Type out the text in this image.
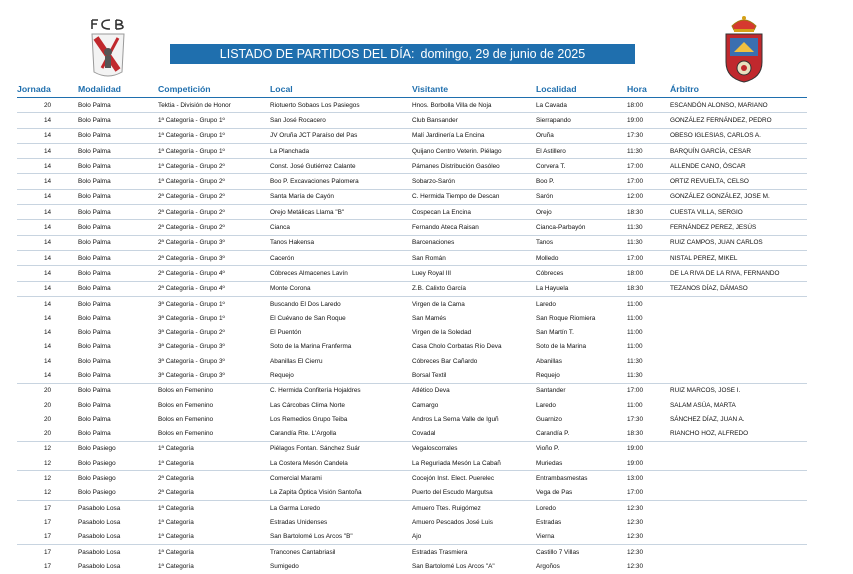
LISTADO DE PARTIDOS DEL DÍA: domingo, 29 de junio de 2025
Jornada	Modalidad	Competición	Local	Visitante	Localidad	Hora	Árbitro
20	Bolo Palma	Tektia - División de Honor	Riotuerto Sobaos Los Pasiegos	Hnos. Borbolla Villa de Noja	La Cavada	18:00	ESCANDÓN ALONSO, MARIANO
14	Bolo Palma	1ª Categoría - Grupo 1º	San José Rocacero	Club Bansander	Sierrapando	19:00	GONZÁLEZ FERNÁNDEZ, PEDRO
14	Bolo Palma	1ª Categoría - Grupo 1º	JV Oruña JCT Paraíso del Pas	Malí Jardinería La Encina	Oruña	17:30	OBESO IGLESIAS, CARLOS A.
14	Bolo Palma	1ª Categoría - Grupo 1º	La Planchada	Quijano Centro Veterin. Piélago	El Astillero	11:30	BARQUÍN GARCÍA, CESAR
14	Bolo Palma	1ª Categoría - Grupo 2º	Const. José Gutiérrez Calante	Pámanes Distribución Gasóleo	Corvera T.	17:00	ALLENDE CANO, ÓSCAR
14	Bolo Palma	1ª Categoría - Grupo 2º	Boo P. Excavaciones Palomera	Sobarzo-Sarón	Boo P.	17:00	ORTIZ REVUELTA, CELSO
14	Bolo Palma	2ª Categoría - Grupo 2º	Santa María de Cayón	C. Hermida Tiempo de Descan	Sarón	12:00	GONZÁLEZ GONZÁLEZ, JOSE M.
14	Bolo Palma	2ª Categoría - Grupo 2º	Orejo Metálicas Llama "B"	Cospecan La Encina	Orejo	18:30	CUESTA VILLA, SERGIO
14	Bolo Palma	2ª Categoría - Grupo 2º	Cianca	Fernando Ateca Raisan	Cianca-Parbayón	11:30	FERNÁNDEZ PEREZ, JESÚS
14	Bolo Palma	2ª Categoría - Grupo 3º	Tanos Hakensa	Barcenaciones	Tanos	11:30	RUIZ CAMPOS, JUAN CARLOS
14	Bolo Palma	2ª Categoría - Grupo 3º	Cacerón	San Román	Molledo	17:00	NISTAL PEREZ, MIKEL
14	Bolo Palma	2ª Categoría - Grupo 4º	Cóbreces Almacenes Lavín	Luey Royal III	Cóbreces	18:00	DE LA RIVA DE LA RIVA, FERNANDO
14	Bolo Palma	2ª Categoría - Grupo 4º	Monte Corona	Z.B. Calixto García	La Hayuela	18:30	TEZANOS DÍAZ, DÁMASO
14	Bolo Palma	3ª Categoría - Grupo 1º	Buscando El Dos Laredo	Virgen de la Cama	Laredo	11:00	
14	Bolo Palma	3ª Categoría - Grupo 1º	El Cuévano de San Roque	San Mamés	San Roque Riomiera	11:00	
14	Bolo Palma	3ª Categoría - Grupo 2º	El Puentón	Virgen de la Soledad	San Martín T.	11:00	
14	Bolo Palma	3ª Categoría - Grupo 3º	Soto de la Marina Franferma	Casa Cholo Corbatas Río Deva	Soto de la Marina	11:00	
14	Bolo Palma	3ª Categoría - Grupo 3º	Abanillas El Cierru	Cóbreces Bar Cañardo	Abanillas	11:30	
14	Bolo Palma	3ª Categoría - Grupo 3º	Requejo	Borsal Textil	Requejo	11:30	
20	Bolo Palma	Bolos en Femenino	C. Hermida Confitería Hojaldres	Atlético Deva	Santander	17:00	RUIZ MARCOS, JOSE I.
20	Bolo Palma	Bolos en Femenino	Las Cárcobas Clima Norte	Camargo	Laredo	11:00	SALAM ASÚA, MARTA
20	Bolo Palma	Bolos en Femenino	Los Remedios Grupo Teiba	Andros La Serna Valle de Iguñ	Guarnizo	17:30	SÁNCHEZ DÍAZ, JUAN A.
20	Bolo Palma	Bolos en Femenino	Carandía Rte. L'Argolla	Covadal	Carandía P.	18:30	RIANCHO HOZ, ALFREDO
12	Bolo Pasiego	1ª Categoría	Piélagos Fontan. Sánchez Suár	Vegaloscorrales	Vioño P.	19:00	
12	Bolo Pasiego	1ª Categoría	La Costera Mesón Candela	La Reguriada Mesón La Cabañ	Muriedas	19:00	
12	Bolo Pasiego	2ª Categoría	Comercial Marami	Cocejón Inst. Elect. Puerelec	Entrambasmestas	13:00	
12	Bolo Pasiego	2ª Categoría	La Zapita Óptica Visión Santoña	Puerto del Escudo Margutsa	Vega de Pas	17:00	
17	Pasabolo Losa	1ª Categoría	La Garma Loredo	Amuero Ttes. Ruigómez	Loredo	12:30	
17	Pasabolo Losa	1ª Categoría	Estradas Unidenses	Amuero Pescados José Luis	Estradas	12:30	
17	Pasabolo Losa	1ª Categoría	San Bartolomé Los Arcos "B"	Ajo	Vierna	12:30	
17	Pasabolo Losa	1ª Categoría	Trancones Cantabriasil	Estradas Trasmiera	Castillo 7 Villas	12:30	
17	Pasabolo Losa	1ª Categoría	Sumigedo	San Bartolomé Los Arcos "A"	Argoños	12:30	
